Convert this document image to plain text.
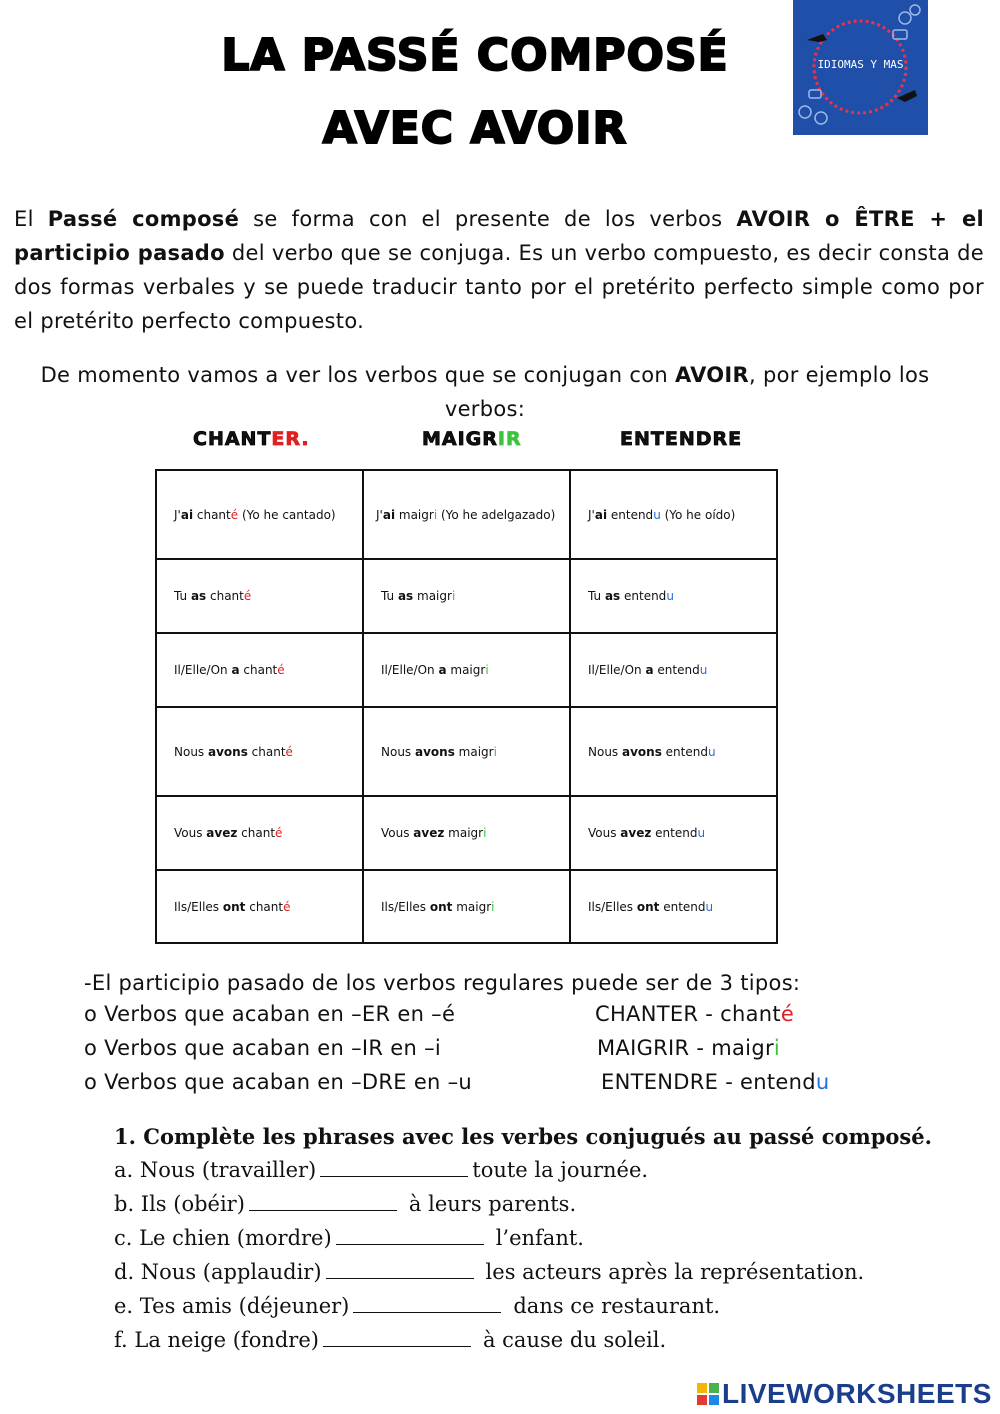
LA PASSÉ COMPOSÉ
AVEC AVOIR
IDIOMAS Y MAS
El Passé composé se forma con el presente de los verbos AVOIR o ÊTRE + el participio pasado del verbo que se conjuga. Es un verbo compuesto, es decir consta de dos formas verbales y se puede traducir tanto por el pretérito perfecto simple como por el pretérito perfecto compuesto.
De momento vamos a ver los verbos que se conjugan con AVOIR, por ejemplo los verbos:
CHANTER.	MAIGRIR	ENTENDRE
J'ai chanté (Yo he cantado)	J'ai maigri (Yo he adelgazado)	J'ai entendu (Yo he oído)
Tu as chanté	Tu as maigri	Tu as entendu
Il/Elle/On a chanté	Il/Elle/On a maigri	Il/Elle/On a entendu
Nous avons chanté	Nous avons maigri	Nous avons entendu
Vous avez chanté	Vous avez maigri	Vous avez entendu
Ils/Elles ont chanté	Ils/Elles ont maigri	Ils/Elles ont entendu
-El participio pasado de los verbos regulares puede ser de 3 tipos:
o Verbos que acaban en –ER en –é	CHANTER - chanté
o Verbos que acaban en –IR en –i	MAIGRIR - maigri
o Verbos que acaban en –DRE en –u	ENTENDRE - entendu
1. Complète les phrases avec les verbes conjugués au passé composé.
a. Nous (travailler)	toute la journée.
b. Ils (obéir)	à leurs parents.
c. Le chien (mordre)	l’enfant.
d. Nous (applaudir)	les acteurs après la représentation.
e. Tes amis (déjeuner)	dans ce restaurant.
f. La neige (fondre)	à cause du soleil.
LIVEWORKSHEETS
